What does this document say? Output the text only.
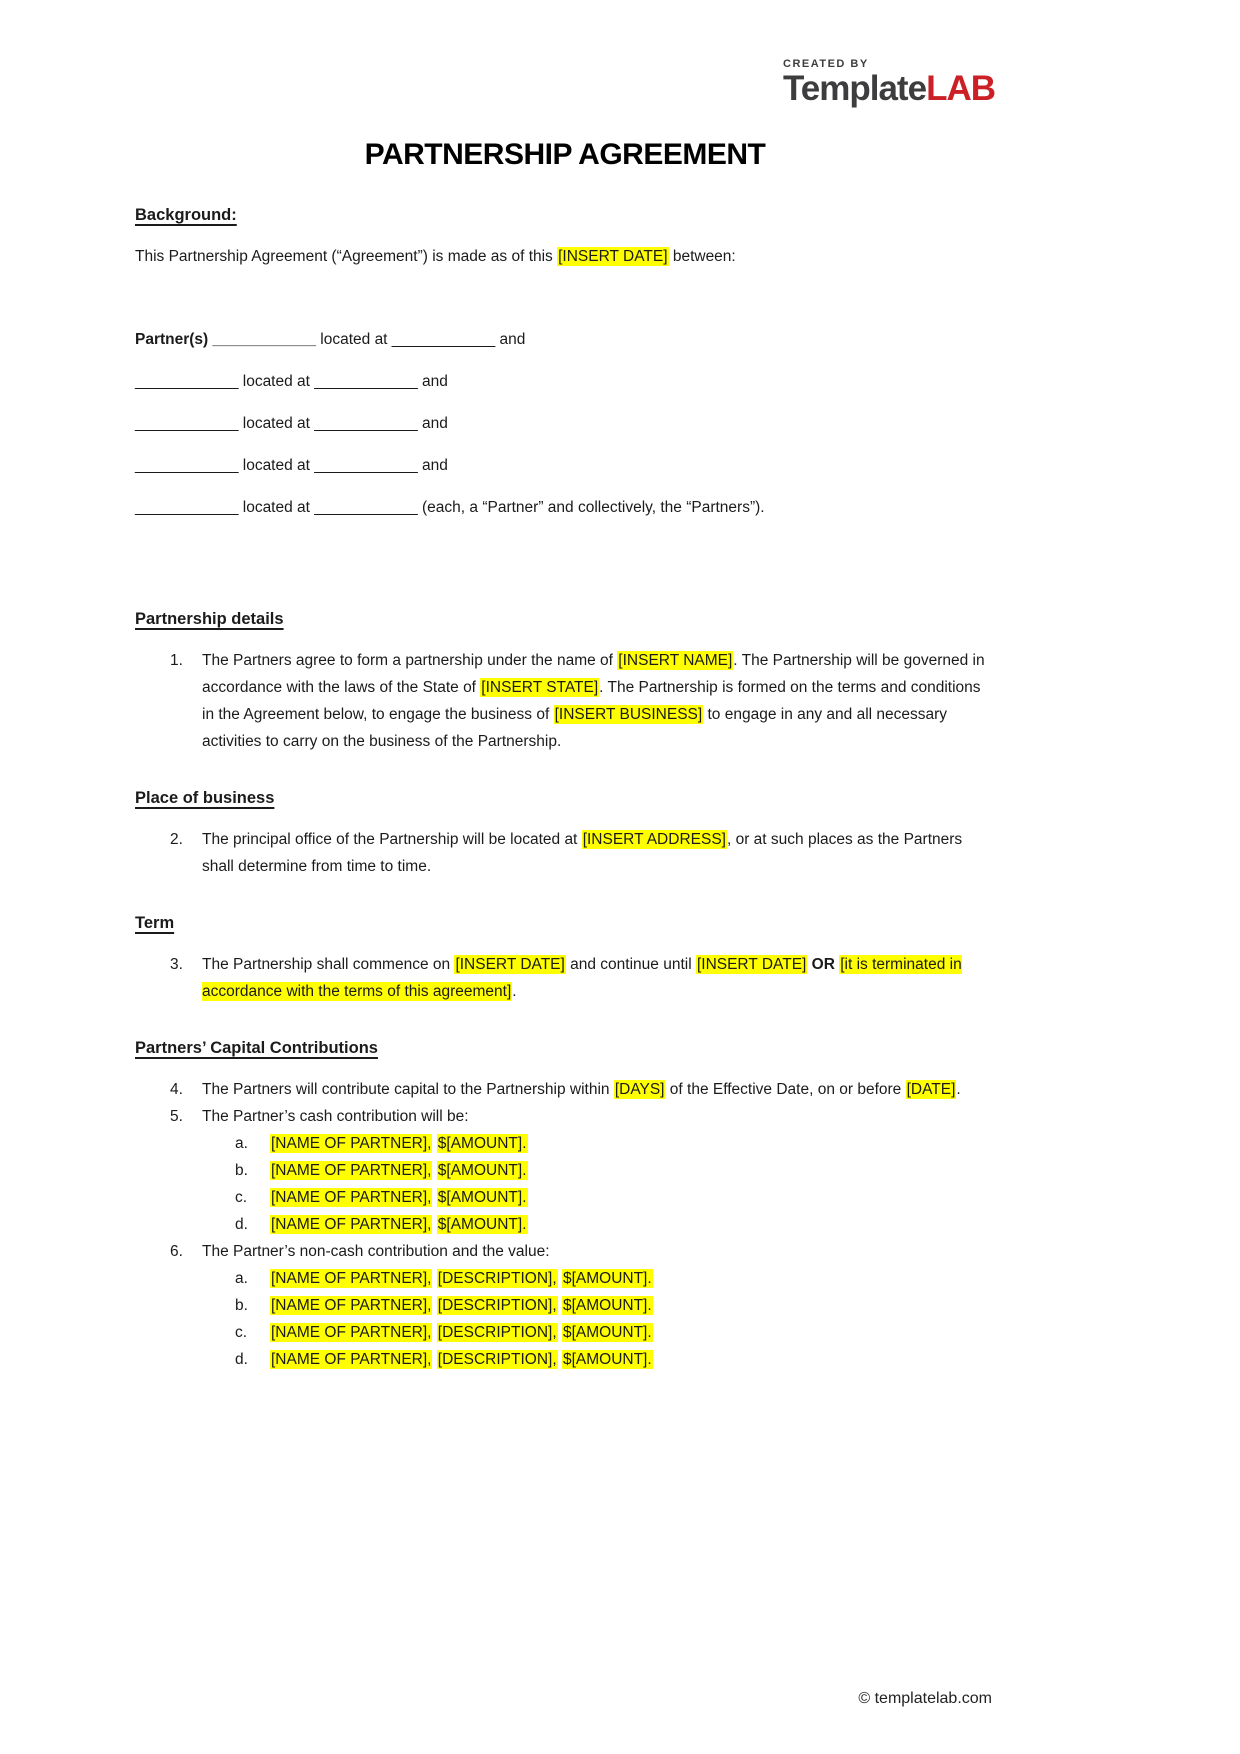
CREATED BY
TemplateLAB
PARTNERSHIP AGREEMENT
Background:
This Partnership Agreement (“Agreement”) is made as of this [INSERT DATE] between:
Partner(s) ____________ located at ____________ and
____________ located at ____________ and
____________ located at ____________ and
____________ located at ____________ and
____________ located at ____________ (each, a “Partner” and collectively, the “Partners”).
Partnership details
1.	The Partners agree to form a partnership under the name of [INSERT NAME]. The Partnership will be governed in accordance with the laws of the State of [INSERT STATE]. The Partnership is formed on the terms and conditions in the Agreement below, to engage the business of [INSERT BUSINESS] to engage in any and all necessary activities to carry on the business of the Partnership.
Place of business
2.	The principal office of the Partnership will be located at [INSERT ADDRESS], or at such places as the Partners shall determine from time to time.
Term
3.	The Partnership shall commence on [INSERT DATE] and continue until [INSERT DATE] OR [it is terminated in accordance with the terms of this agreement].
Partners’ Capital Contributions
4.	The Partners will contribute capital to the Partnership within [DAYS] of the Effective Date, on or before [DATE].
5.	The Partner’s cash contribution will be:
a.	[NAME OF PARTNER], $[AMOUNT].
b.	[NAME OF PARTNER], $[AMOUNT].
c.	[NAME OF PARTNER], $[AMOUNT].
d.	[NAME OF PARTNER], $[AMOUNT].
6.	The Partner’s non-cash contribution and the value:
a.	[NAME OF PARTNER], [DESCRIPTION], $[AMOUNT].
b.	[NAME OF PARTNER], [DESCRIPTION], $[AMOUNT].
c.	[NAME OF PARTNER], [DESCRIPTION], $[AMOUNT].
d.	[NAME OF PARTNER], [DESCRIPTION], $[AMOUNT].
© templatelab.com
